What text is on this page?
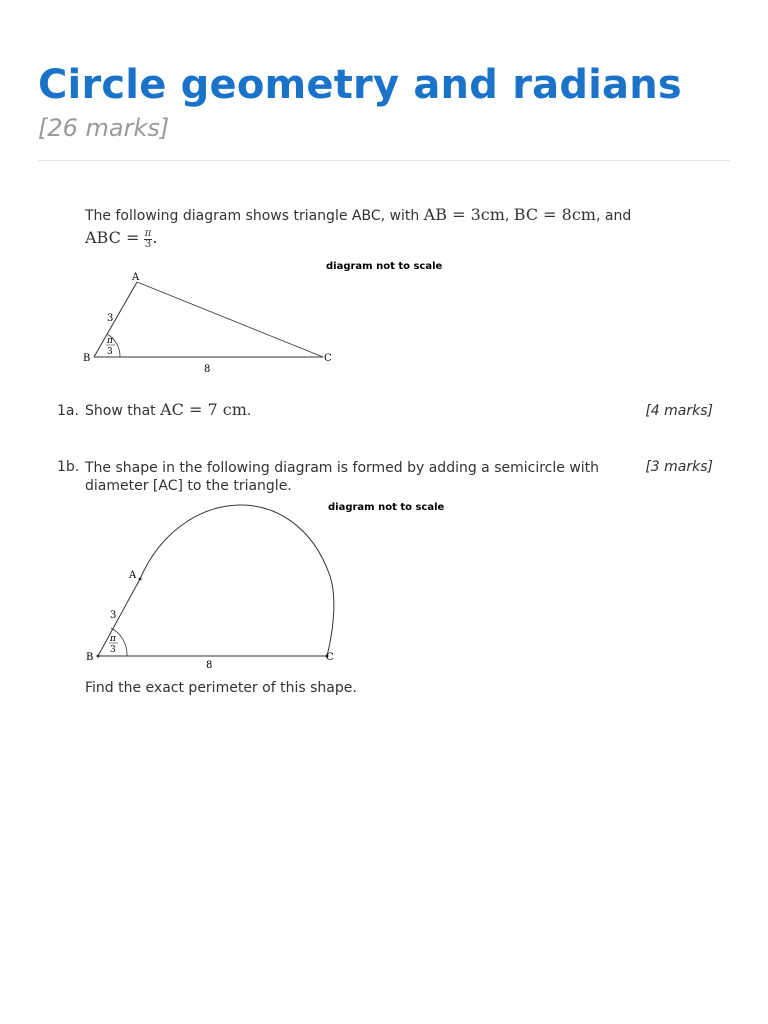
Circle geometry and radians
[26 marks]
The following diagram shows triangle ABC, with AB = 3cm, BC = 8cm, and
ABC = $\frac{\pi}{3}$ .
diagram not to scale
A
B	C
3
8
π
3
1a. Show that AC = 7 cm.	[4 marks]
1b. The shape in the following diagram is formed by adding a semicircle with diameter [AC] to the triangle.
[3 marks]
diagram not to scale
A
B	C
3
8
π
3
Find the exact perimeter of this shape.
